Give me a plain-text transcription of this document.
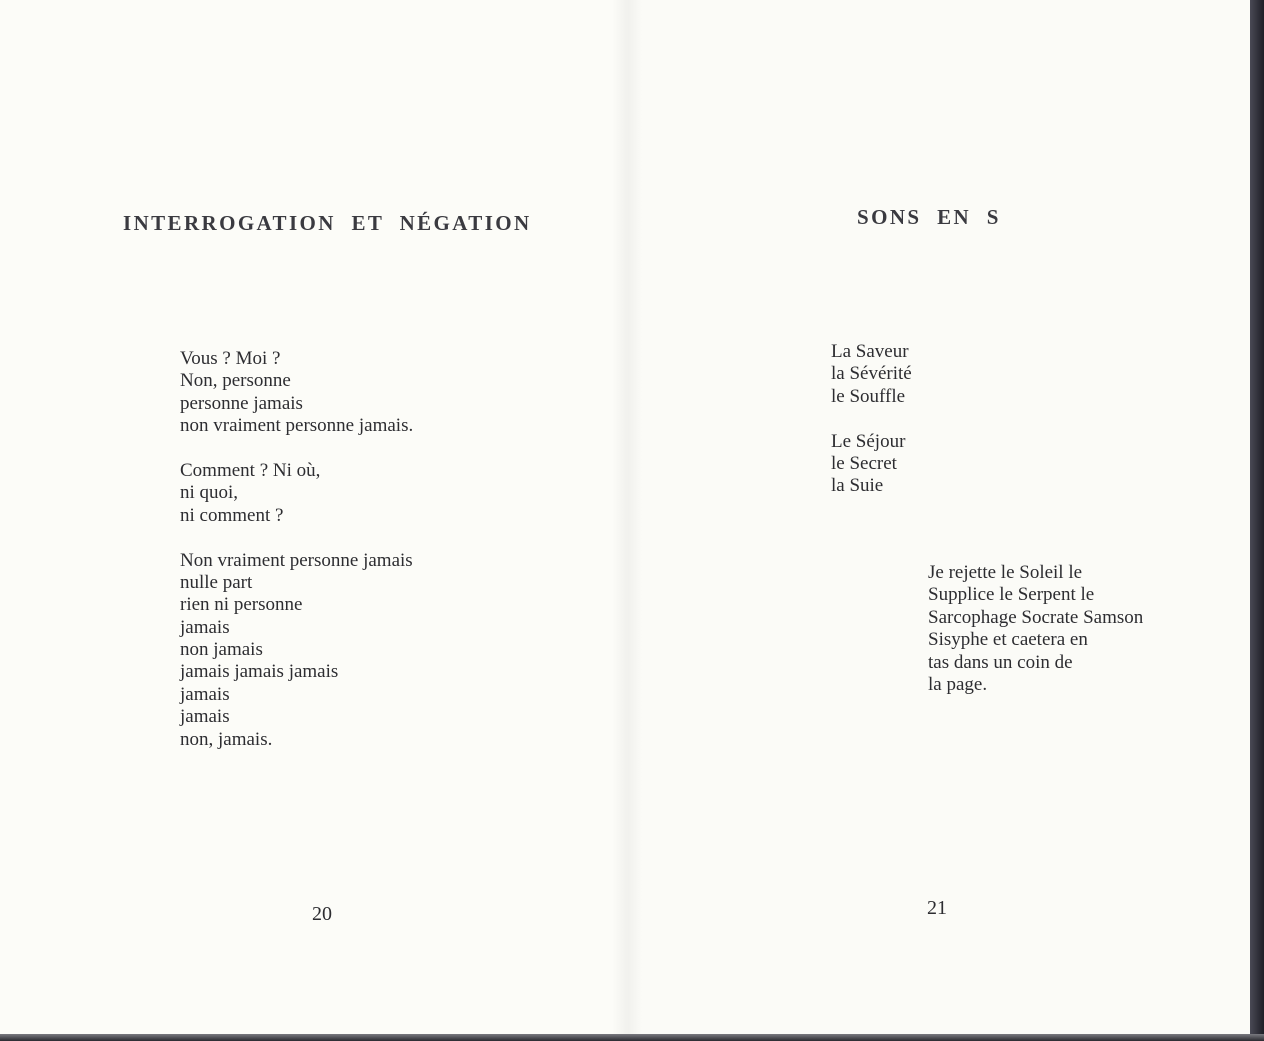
INTERROGATION ET NÉGATION

Vous ? Moi ?
Non, personne
personne jamais
non vraiment personne jamais.

Comment ? Ni où,
ni quoi,
ni comment ?

Non vraiment personne jamais
nulle part
rien ni personne
jamais
non jamais
jamais jamais jamais
jamais
jamais
non, jamais.

20
SONS EN S

La Saveur
la Sévérité
le Souffle

Le Séjour
le Secret
la Suie

Je rejette le Soleil le
Supplice le Serpent le
Sarcophage Socrate Samson
Sisyphe et caetera en
tas dans un coin de
la page.
21
